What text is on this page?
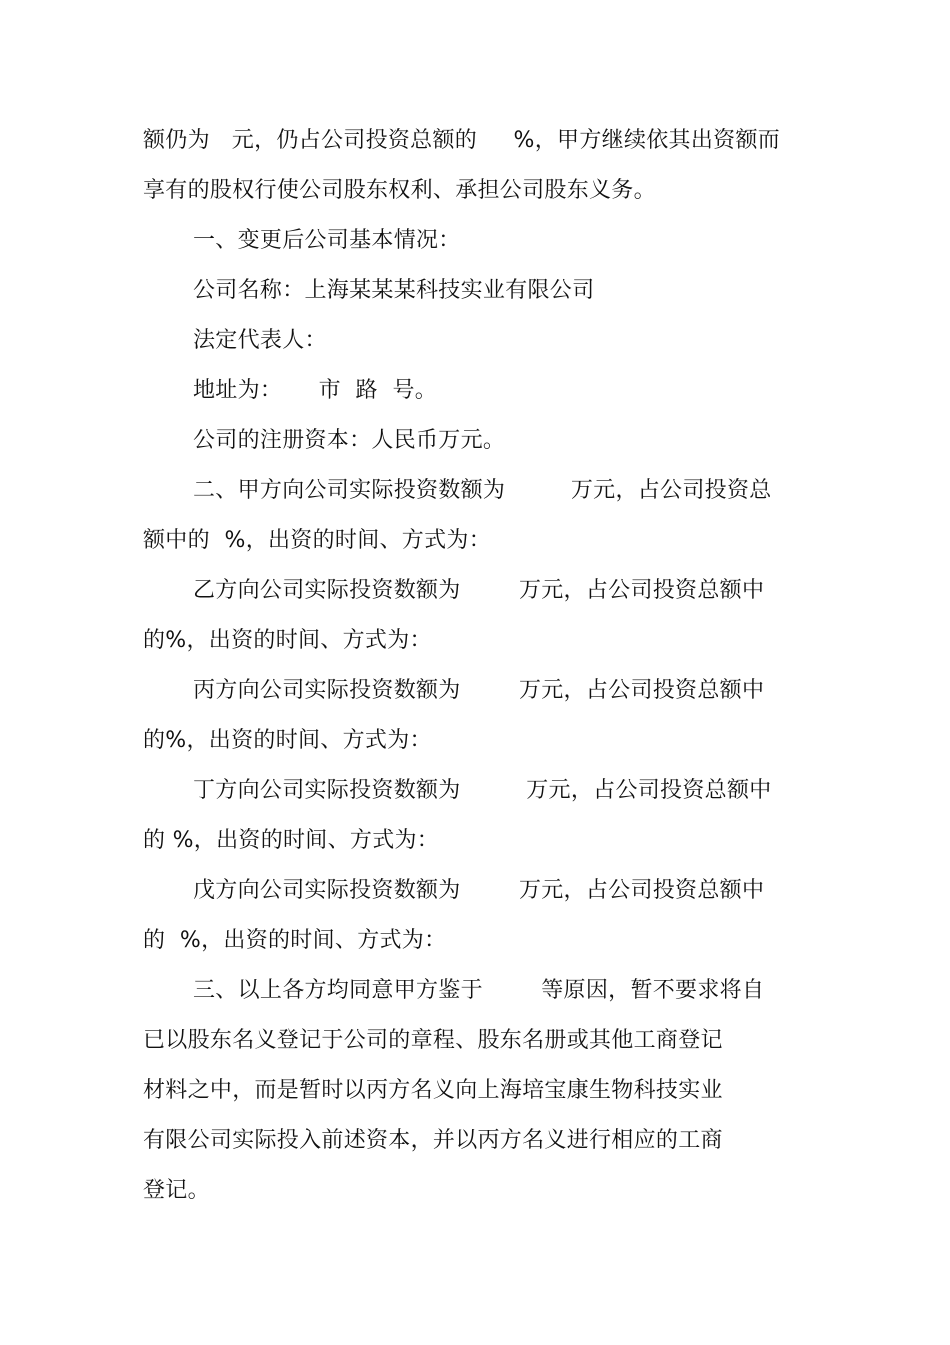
额仍为   元，仍占公司投资总额的     %，甲方继续依其出资额而
享有的股权行使公司股东权利、承担公司股东义务。
一、变更后公司基本情况：
公司名称：上海某某某科技实业有限公司
法定代表人：
地址为：     市  路  号。
公司的注册资本：人民币万元。
二、甲方向公司实际投资数额为         万元，占公司投资总
额中的  %，出资的时间、方式为：
乙方向公司实际投资数额为        万元，占公司投资总额中
的%，出资的时间、方式为：
丙方向公司实际投资数额为        万元，占公司投资总额中
的%，出资的时间、方式为：
丁方向公司实际投资数额为         万元，占公司投资总额中
的 %，出资的时间、方式为：
戊方向公司实际投资数额为        万元，占公司投资总额中
的  %，出资的时间、方式为：
三、以上各方均同意甲方鉴于        等原因，暂不要求将自
已以股东名义登记于公司的章程、股东名册或其他工商登记
材料之中，而是暂时以丙方名义向上海培宝康生物科技实业
有限公司实际投入前述资本，并以丙方名义进行相应的工商
登记。
